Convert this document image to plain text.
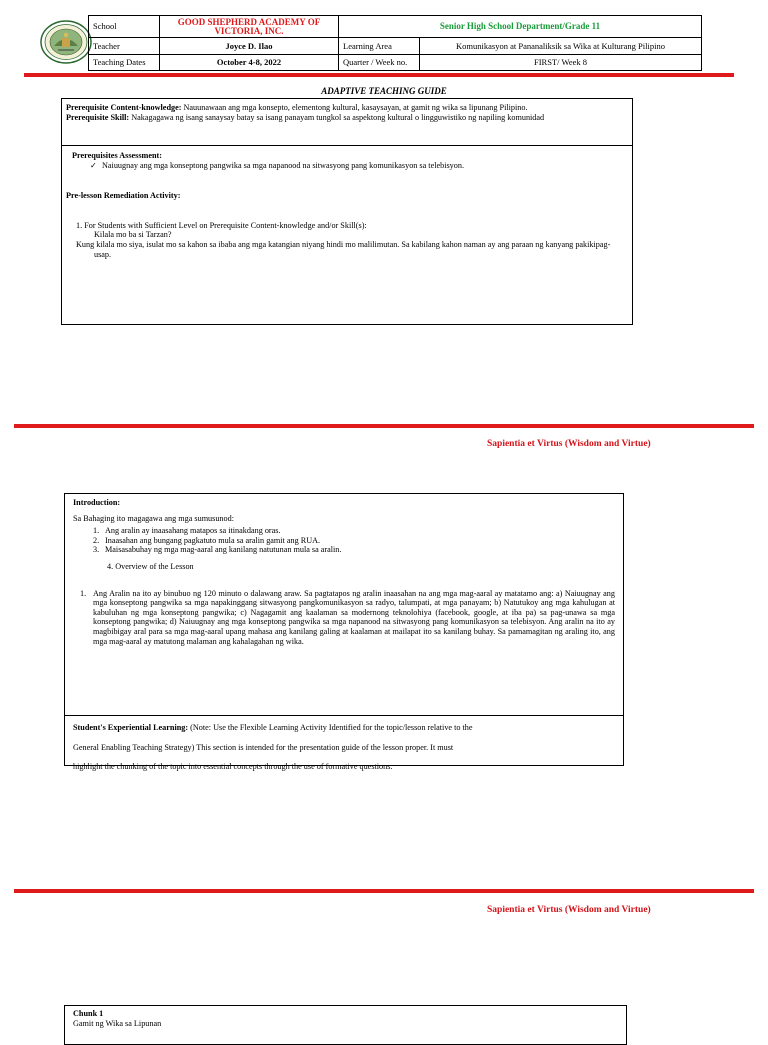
School	GOOD SHEPHERD ACADEMY OF VICTORIA, INC.	Senior High School Department/Grade 11	
Teacher	Joyce D. Ilao	Learning Area	Komunikasyon at Pananaliksik sa Wika at Kulturang Pilipino
Teaching Dates	October 4-8, 2022	Quarter / Week no.	FIRST/ Week 8
ADAPTIVE TEACHING GUIDE
Prerequisite Content-knowledge: Nauunawaan ang mga konsepto, elementong kultural, kasaysayan, at gamit ng wika sa lipunang Pilipino.
Prerequisite Skill: Nakagagawa ng isang sanaysay batay sa isang panayam tungkol sa aspektong kultural o lingguwistiko ng napiling komunidad
Prerequisites Assessment:
✓ Naiuugnay ang mga konseptong pangwika sa mga napanood na sitwasyong pang komunikasyon sa telebisyon.
Pre-lesson Remediation Activity:
1. For Students with Sufficient Level on Prerequisite Content-knowledge and/or Skill(s):
Kilala mo ba si Tarzan?
Kung kilala mo siya, isulat mo sa kahon sa ibaba ang mga katangian niyang hindi mo malilimutan. Sa kabilang kahon naman ay ang paraan ng kanyang pakikipag-usap.
Sapientia et Virtus (Wisdom and Virtue)
Introduction:
Sa Bahaging ito magagawa ang mga sumusunod:
1. Ang aralin ay inaasahang matapos sa itinakdang oras.
2. Inaasahan ang bungang pagkatuto mula sa aralin gamit ang RUA.
3. Maisasabuhay ng mga mag-aaral ang kanilang natutunan mula sa aralin.
4. Overview of the Lesson
1. Ang Aralin na ito ay binubuo ng 120 minuto o dalawang araw. Sa pagtatapos ng aralin inaasahan na ang mga mag-aaral ay matatamo ang: a) Naiuugnay ang mga konseptong pangwika sa mga napakinggang sitwasyong pangkomunikasyon sa radyo, talumpati, at mga panayam; b) Natutukoy ang mga kahulugan at kabuluhan ng mga konseptong pangwika; c) Nagagamit ang kaalaman sa modernong teknolohiya (facebook, google, at iba pa) sa pag-unawa sa mga konseptong pangwika; d) Naiuugnay ang mga konseptong pangwika sa mga napanood na sitwasyong pang komunikasyon sa telebisyon. Ang aralin na ito ay magbibigay aral para sa mga mag-aaral upang mahasa ang kanilang galing at kaalaman at mailapat ito sa kanilang buhay. Sa pamamagitan ng araling ito, ang mga mag-aaral ay matutong malaman ang kahalagahan ng wika.
Student's Experiential Learning: (Note: Use the Flexible Learning Activity Identified for the topic/lesson relative to the
General Enabling Teaching Strategy) This section is intended for the presentation guide of the lesson proper. It must
highlight the chunking of the topic into essential concepts through the use of formative questions.
Sapientia et Virtus (Wisdom and Virtue)
Chunk 1
Gamit ng Wika sa Lipunan
